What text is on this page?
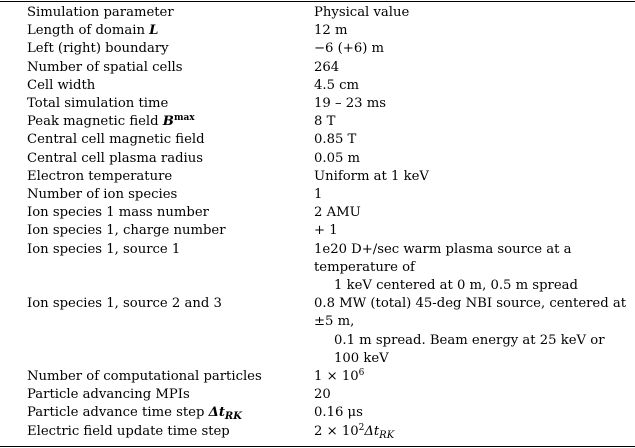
Simulation parameter	Physical value
Length of domain L	12 m
Left (right) boundary	−6 (+6) m
Number of spatial cells	264
Cell width	4.5 cm
Total simulation time	19 – 23 ms
Peak magnetic field $B^{max}$	8 T
Central cell magnetic field	0.85 T
Central cell plasma radius	0.05 m
Electron temperature	Uniform at 1 keV
Number of ion species	1
Ion species 1 mass number	2 AMU
Ion species 1, charge number	+ 1
Ion species 1, source 1	1e20 D+/sec warm plasma source at a temperature of
1 keV centered at 0 m, 0.5 m spread

Ion species 1, source 2 and 3	0.8 MW (total) 45-deg NBI source, centered at ±5 m,
0.1 m spread. Beam energy at 25 keV or 100 keV

Number of computational particles	$1 \times 10^6$
Particle advancing MPIs	20
Particle advance time step $\Delta t_{RK}$	0.16 μs
Electric field update time step	$2 \times 10^2\Delta t_{RK}$
